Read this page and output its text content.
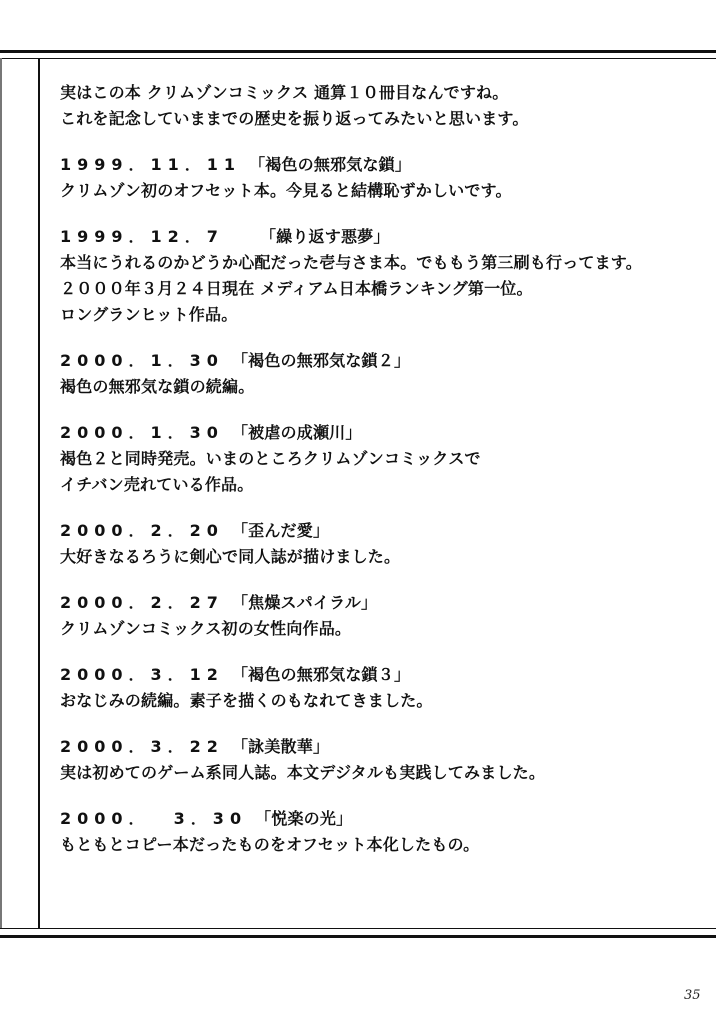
実はこの本 クリムゾンコミックス 通算１０冊目なんですね。
これを記念していままでの歴史を振り返ってみたいと思います。
1999．11．11 「褐色の無邪気な鎖」
クリムゾン初のオフセット本。今見ると結構恥ずかしいです。
1999．12．7 「繰り返す悪夢」
本当にうれるのかどうか心配だった壱与さま本。でももう第三刷も行ってます。
２０００年３月２４日現在 メディアム日本橋ランキング第一位。
ロングランヒット作品。
2000．1．30 「褐色の無邪気な鎖２」
褐色の無邪気な鎖の続編。
2000．1．30 「被虐の成瀬川」
褐色２と同時発売。いまのところクリムゾンコミックスで
イチバン売れている作品。
2000．2．20 「歪んだ愛」
大好きなるろうに剣心で同人誌が描けました。
2000．2．27 「焦燥スパイラル」
クリムゾンコミックス初の女性向作品。
2000．3．12 「褐色の無邪気な鎖３」
おなじみの続編。素子を描くのもなれてきました。
2000．3．22 「詠美散華」
実は初めてのゲーム系同人誌。本文デジタルも実践してみました。
2000．  3．30 「悦楽の光」
もともとコピー本だったものをオフセット本化したもの。
35
